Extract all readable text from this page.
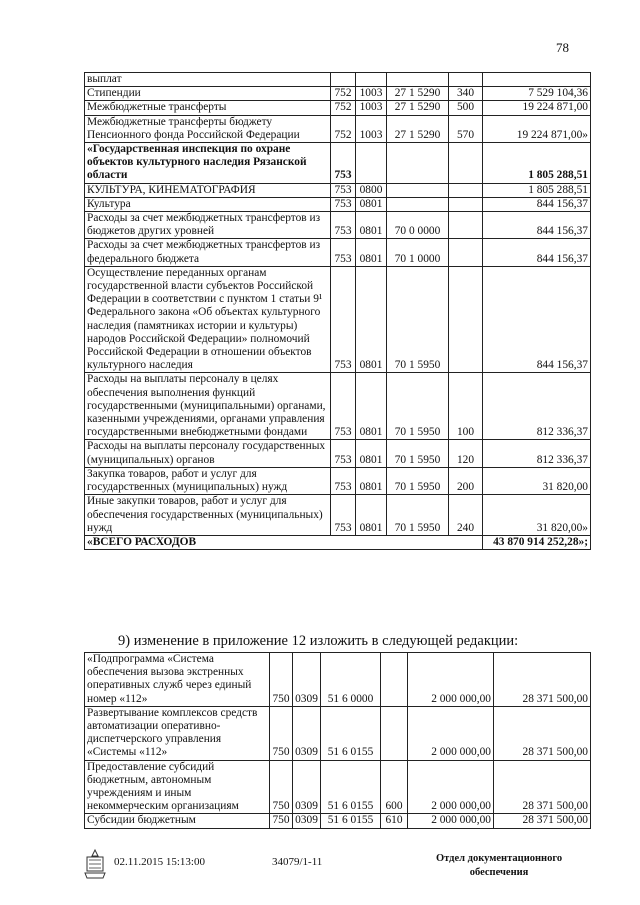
78
выплат					
Стипендии	752	1003	27 1 5290	340	7 529 104,36
Межбюджетные трансферты	752	1003	27 1 5290	500	19 224 871,00
Межбюджетные трансферты бюджету Пенсионного фонда Российской Федерации	752	1003	27 1 5290	570	19 224 871,00»
«Государственная инспекция по охране объектов культурного наследия Рязанской области	753				1 805 288,51
КУЛЬТУРА, КИНЕМАТОГРАФИЯ	753	0800			1 805 288,51
Культура	753	0801			844 156,37
Расходы за счет межбюджетных трансфертов из бюджетов других уровней	753	0801	70 0 0000		844 156,37
Расходы за счет межбюджетных трансфертов из федерального бюджета	753	0801	70 1 0000		844 156,37
Осуществление переданных органам государственной власти субъектов Российской Федерации в соответствии с пунктом 1 статьи 9¹ Федерального закона «Об объектах культурного наследия (памятниках истории и культуры) народов Российской Федерации» полномочий Российской Федерации в отношении объектов культурного наследия	753	0801	70 1 5950		844 156,37
Расходы на выплаты персоналу в целях обеспечения выполнения функций государственными (муниципальными) органами, казенными учреждениями, органами управления государственными внебюджетными фондами	753	0801	70 1 5950	100	812 336,37
Расходы на выплаты персоналу государственных (муниципальных) органов	753	0801	70 1 5950	120	812 336,37
Закупка товаров, работ и услуг для государственных (муниципальных) нужд	753	0801	70 1 5950	200	31 820,00
Иные закупки товаров, работ и услуг для обеспечения государственных (муниципальных) нужд	753	0801	70 1 5950	240	31 820,00»
«ВСЕГО РАСХОДОВ					43 870 914 252,28»;
9) изменение в приложение 12 изложить в следующей редакции:
«Подпрограмма «Система обеспечения вызова экстренных оперативных служб через единый номер «112»	750	0309	51 6 0000		2 000 000,00	28 371 500,00
Развертывание комплексов средств автоматизации оперативно-диспетчерского управления «Системы «112»	750	0309	51 6 0155		2 000 000,00	28 371 500,00
Предоставление субсидий бюджетным, автономным учреждениям и иным некоммерческим организациям	750	0309	51 6 0155	600	2 000 000,00	28 371 500,00
Субсидии бюджетным	750	0309	51 6 0155	610	2 000 000,00	28 371 500,00
02.11.2015 15:13:00	34079/1-11	Отдел документационного
обеспечения
